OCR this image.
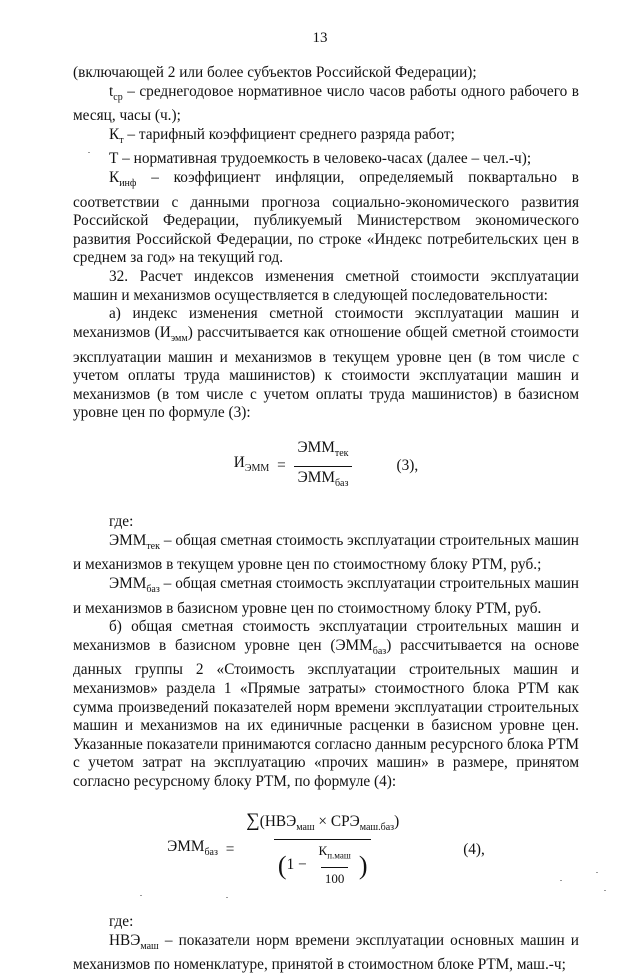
13

(включающей 2 или более субъектов Российской Федерации);

$t_{ср}$ – среднегодовое нормативное число часов работы одного рабочего в месяц, часы (ч.);

$К_т$ – тарифный коэффициент среднего разряда работ;

Т – нормативная трудоемкость в человеко-часах (далее – чел.-ч);

$К_{инф}$ – коэффициент инфляции, определяемый поквартально в соответствии с данными прогноза социально-экономического развития Российской Федерации, публикуемый Министерством экономического развития Российской Федерации, по строке «Индекс потребительских цен в среднем за год» на текущий год.

32. Расчет индексов изменения сметной стоимости эксплуатации машин и механизмов осуществляется в следующей последовательности:

а) индекс изменения сметной стоимости эксплуатации машин и механизмов $(И_{эмм})$ рассчитывается как отношение общей сметной стоимости эксплуатации машин и механизмов в текущем уровне цен (в том числе с учетом оплаты труда машинистов) к стоимости эксплуатации машин и механизмов (в том числе с учетом оплаты труда машинистов) в базисном уровне цен по формуле (3):

$И_{ЭММ} = \frac{ЭММ_{тек}}{ЭММ_{баз}}$	(3),

где:

$ЭММ_{тек}$ – общая сметная стоимость эксплуатации строительных машин и механизмов в текущем уровне цен по стоимостному блоку РТМ, руб.;

$ЭММ_{баз}$ – общая сметная стоимость эксплуатации строительных машин и механизмов в базисном уровне цен по стоимостному блоку РТМ, руб.

б) общая сметная стоимость эксплуатации строительных машин и механизмов в базисном уровне цен $(ЭММ_{баз})$ рассчитывается на основе данных группы 2 «Стоимость эксплуатации строительных машин и механизмов» раздела 1 «Прямые затраты» стоимостного блока РТМ как сумма произведений показателей норм времени эксплуатации строительных машин и механизмов на их единичные расценки в базисном уровне цен. Указанные показатели принимаются согласно данным ресурсного блока РТМ с учетом затрат на эксплуатацию «прочих машин» в размере, принятом согласно ресурсному блоку РТМ, по формуле (4):

$ЭММ_{баз}$ =
$\sum(НВЭ_{маш} \times СРЭ_{маш.баз})$
( $1 - \frac{К_{п.маш}}{100}$ )
(4),

где:

$НВЭ_{маш}$ – показатели норм времени эксплуатации основных машин и механизмов по номенклатуре, принятой в стоимостном блоке РТМ, маш.-ч;
